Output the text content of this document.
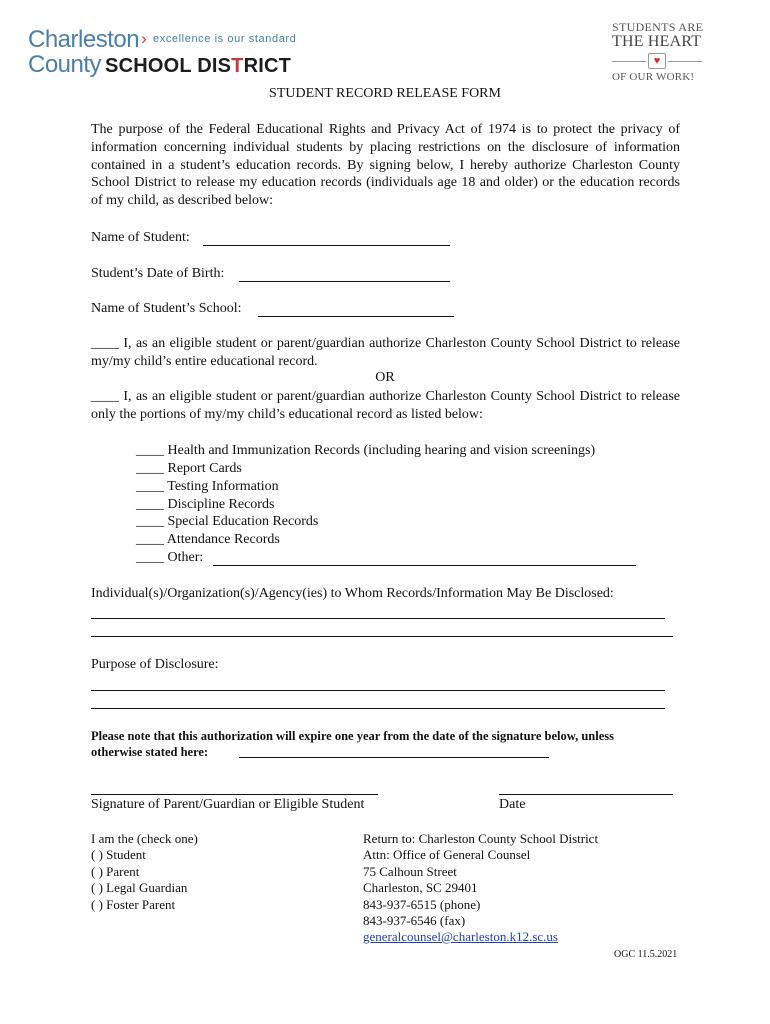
Charleston › excellence is our standard
County SCHOOL DISTRICT
STUDENTS ARE
THE HEART
♥
OF OUR WORK!
STUDENT RECORD RELEASE FORM
The purpose of the Federal Educational Rights and Privacy Act of 1974 is to protect the privacy of information concerning individual students by placing restrictions on the disclosure of information contained in a student’s education records. By signing below, I hereby authorize Charleston County School District to release my education records (individuals age 18 and older) or the education records of my child, as described below:
Name of Student:
Student’s Date of Birth:
Name of Student’s School:
____ I, as an eligible student or parent/guardian authorize Charleston County School District to release my/my child’s entire educational record.
OR
____ I, as an eligible student or parent/guardian authorize Charleston County School District to release only the portions of my/my child’s educational record as listed below:
____ Health and Immunization Records (including hearing and vision screenings)
____ Report Cards
____ Testing Information
____ Discipline Records
____ Special Education Records
____ Attendance Records
____ Other:
Individual(s)/Organization(s)/Agency(ies) to Whom Records/Information May Be Disclosed:
Purpose of Disclosure:
Please note that this authorization will expire one year from the date of the signature below, unless
otherwise stated here:
Signature of Parent/Guardian or Eligible Student	Date
I am the (check one)
( ) Student
( ) Parent
( ) Legal Guardian
( ) Foster Parent
Return to: Charleston County School District
Attn: Office of General Counsel
75 Calhoun Street
Charleston, SC 29401
843-937-6515 (phone)
843-937-6546 (fax)
generalcounsel@charleston.k12.sc.us
OGC 11.5.2021
